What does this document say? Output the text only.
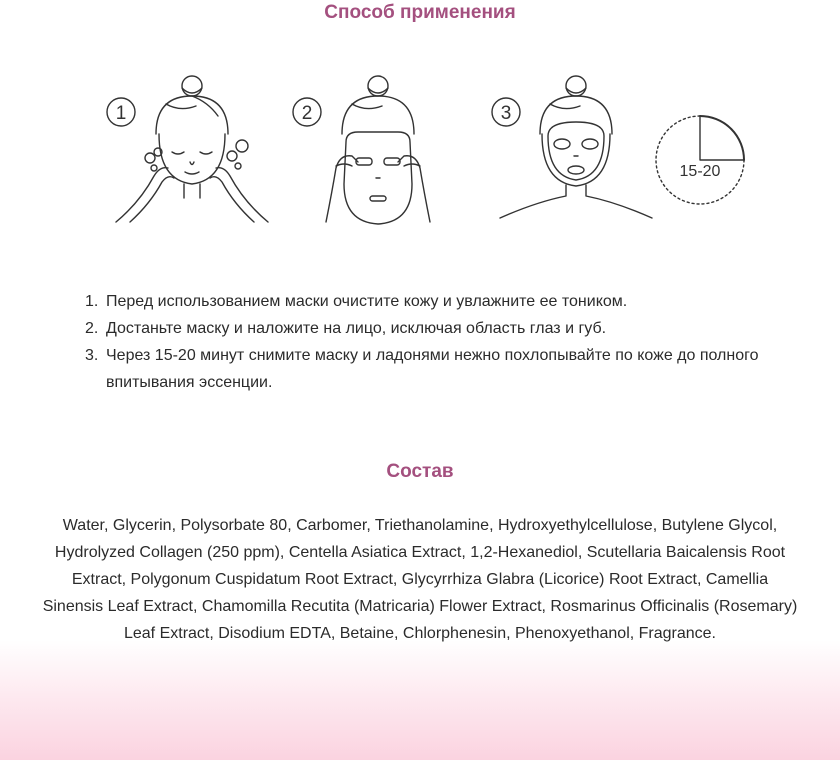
Способ применения
1	2	3
15-20
1. Перед использованием маски очистите кожу и увлажните ее тоником.
2. Достаньте маску и наложите на лицо, исключая область глаз и губ.
3. Через 15-20 минут снимите маску и ладонями нежно похлопывайте по коже до полного впитывания эссенции.
Состав

Water, Glycerin, Polysorbate 80, Carbomer, Triethanolamine, Hydroxyethylcellulose, Butylene Glycol, Hydrolyzed Collagen (250 ppm), Centella Asiatica Extract, 1,2-Hexanediol, Scutellaria Baicalensis Root Extract, Polygonum Cuspidatum Root Extract, Glycyrrhiza Glabra (Licorice) Root Extract, Camellia Sinensis Leaf Extract, Chamomilla Recutita (Matricaria) Flower Extract, Rosmarinus Officinalis (Rosemary) Leaf Extract, Disodium EDTA, Betaine, Chlorphenesin, Phenoxyethanol, Fragrance.
